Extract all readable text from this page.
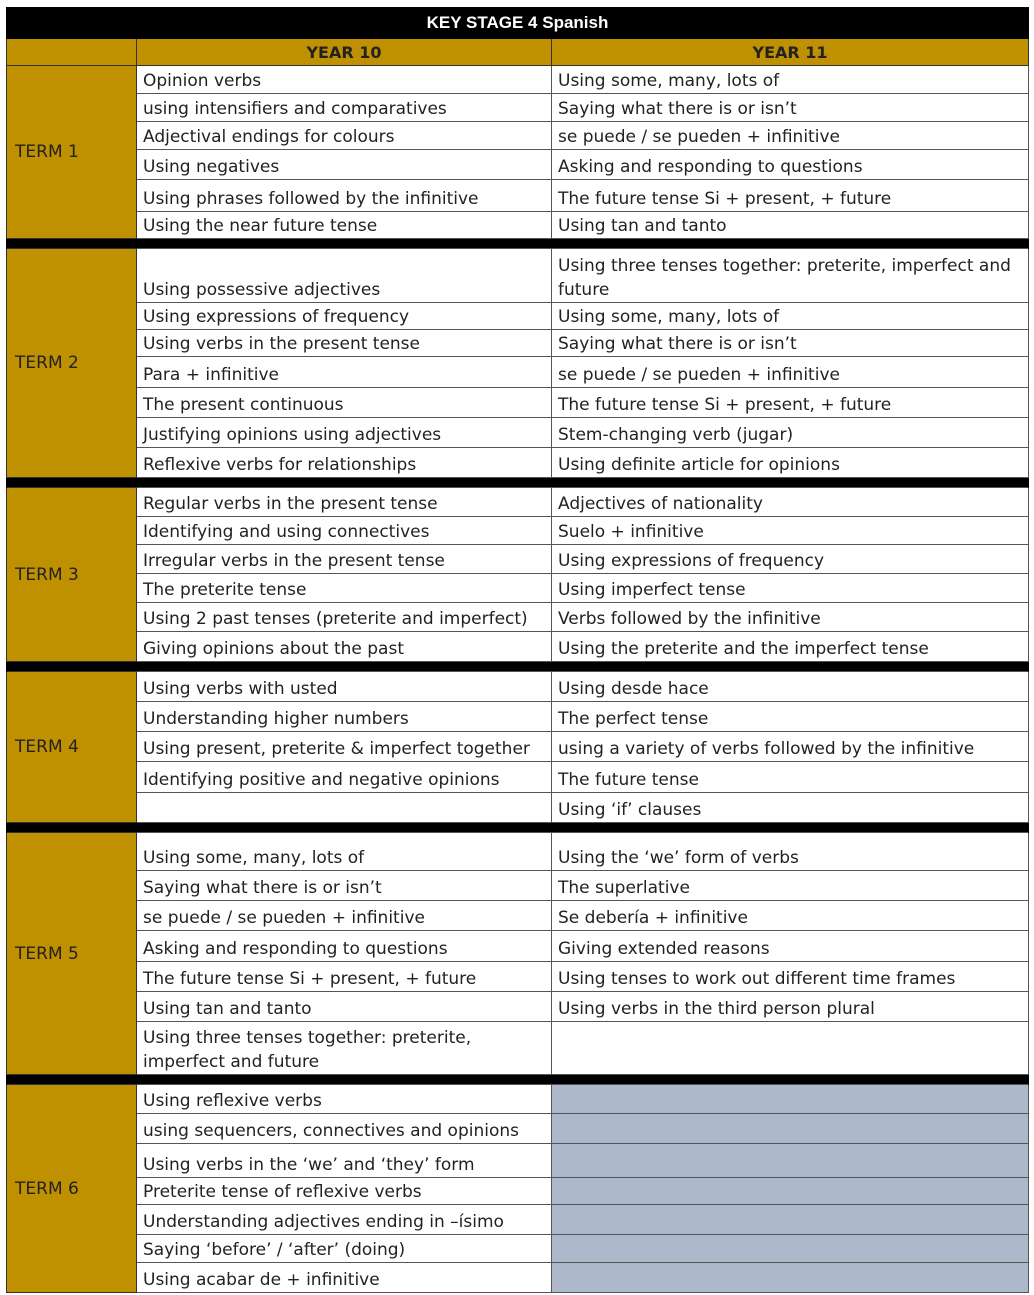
KEY STAGE 4 Spanish		
	YEAR 10	YEAR 11
TERM 1	Opinion verbs	Using some, many, lots of
	using intensifiers and comparatives	Saying what there is or isn’t
	Adjectival endings for colours	se puede / se pueden + infinitive
	Using negatives	Asking and responding to questions
	Using phrases followed by the infinitive	The future tense Si + present, + future
	Using the near future tense	Using tan and tanto

TERM 2	Using possessive adjectives	Using three tenses together: preterite, imperfect and future
	Using expressions of frequency	Using some, many, lots of
	Using verbs in the present tense	Saying what there is or isn’t
	Para + infinitive	se puede / se pueden + infinitive
	The present continuous	The future tense Si + present, + future
	Justifying opinions using adjectives	Stem-changing verb (jugar)
	Reflexive verbs for relationships	Using definite article for opinions

TERM 3	Regular verbs in the present tense	Adjectives of nationality
	Identifying and using connectives	Suelo + infinitive
	Irregular verbs in the present tense	Using expressions of frequency
	The preterite tense	Using imperfect tense
	Using 2 past tenses (preterite and imperfect)	Verbs followed by the infinitive
	Giving opinions about the past	Using the preterite and the imperfect tense

TERM 4	Using verbs with usted	Using desde hace
	Understanding higher numbers	The perfect tense
	Using present, preterite & imperfect together	using a variety of verbs followed by the infinitive
	Identifying positive and negative opinions	The future tense
		Using ‘if’ clauses

TERM 5	Using some, many, lots of	Using the ‘we’ form of verbs
	Saying what there is or isn’t	The superlative
	se puede / se pueden + infinitive	Se debería + infinitive
	Asking and responding to questions	Giving extended reasons
	The future tense Si + present, + future	Using tenses to work out different time frames
	Using tan and tanto	Using verbs in the third person plural
	Using three tenses together: preterite, imperfect and future	

TERM 6	Using reflexive verbs	
	using sequencers, connectives and opinions	
	Using verbs in the ‘we’ and ‘they’ form	
	Preterite tense of reflexive verbs	
	Understanding adjectives ending in –ísimo	
	Saying ‘before’ / ‘after’ (doing)	
	Using acabar de + infinitive	
